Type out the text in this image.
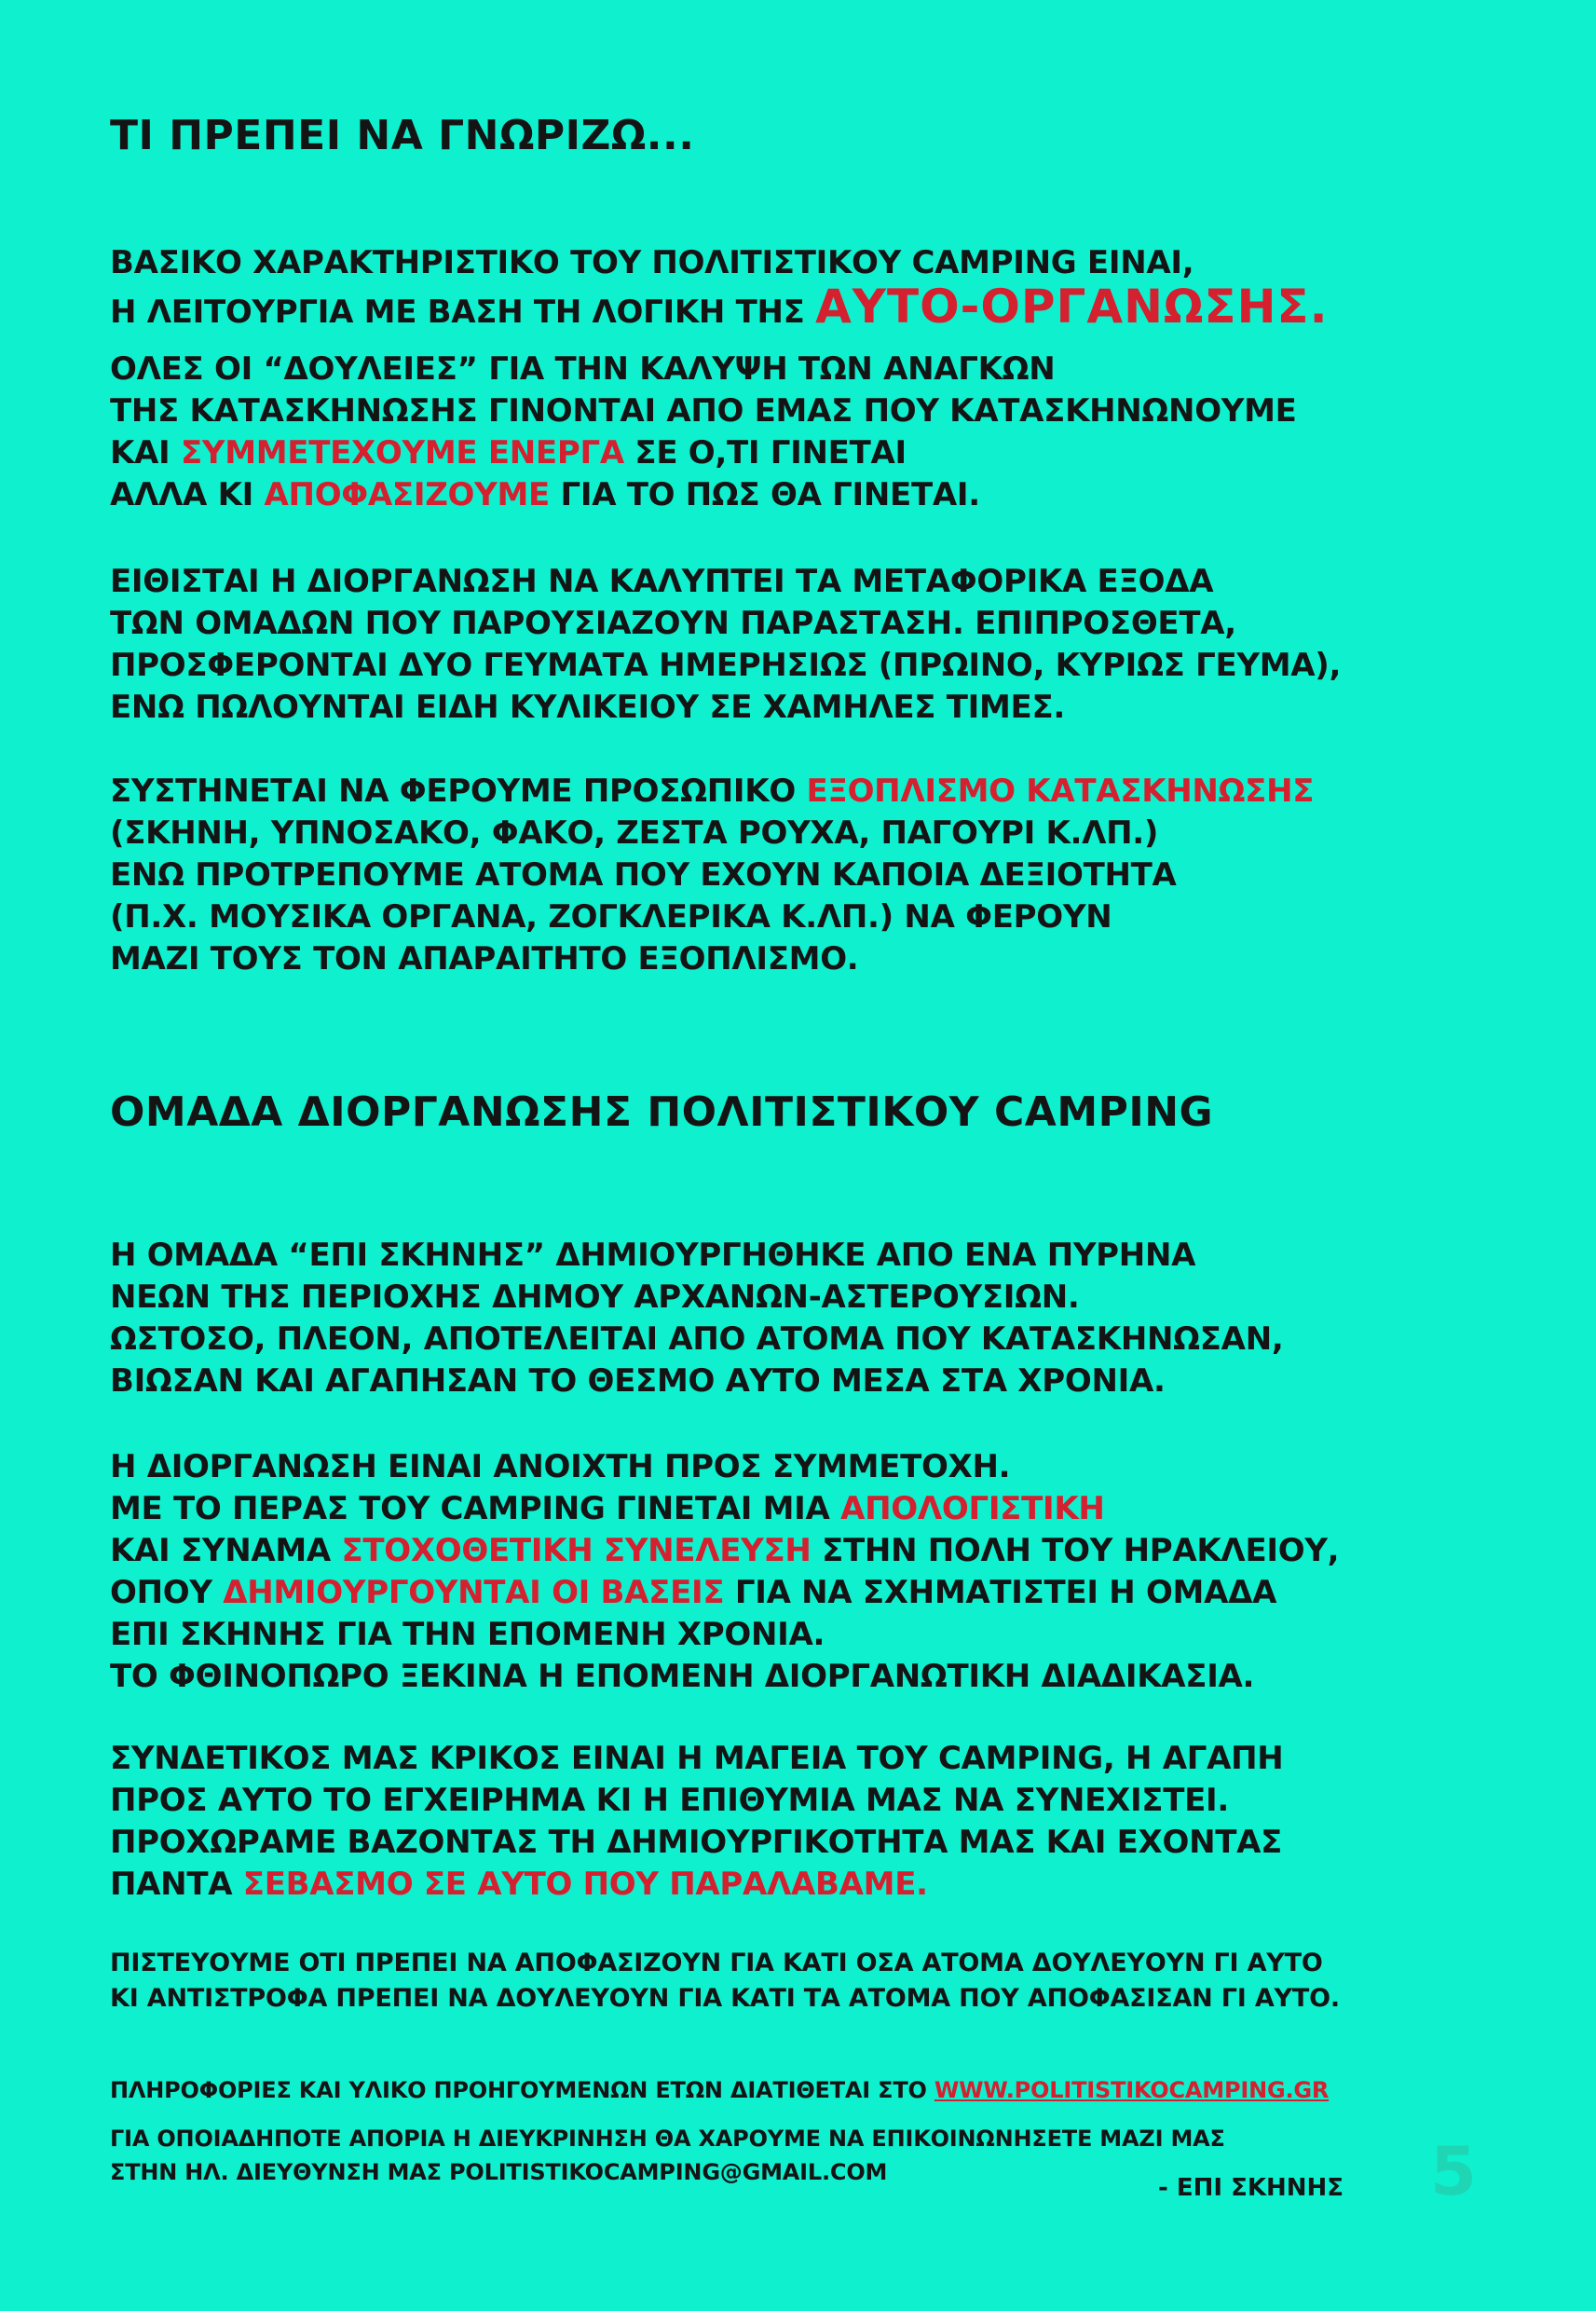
ΤΙ ΠΡΕΠΕΙ ΝΑ ΓΝΩΡΙΖΩ...
ΒΑΣΙΚΟ ΧΑΡΑΚΤΗΡΙΣΤΙΚΟ ΤΟΥ ΠΟΛΙΤΙΣΤΙΚΟΥ CAMPING ΕΙΝΑΙ,
Η ΛΕΙΤΟΥΡΓΙΑ ΜΕ ΒΑΣΗ ΤΗ ΛΟΓΙΚΗ ΤΗΣ ΑΥΤΟ-ΟΡΓΑΝΩΣΗΣ.
ΟΛΕΣ ΟΙ “ΔΟΥΛΕΙΕΣ” ΓΙΑ ΤΗΝ ΚΑΛΥΨΗ ΤΩΝ ΑΝΑΓΚΩΝ
ΤΗΣ ΚΑΤΑΣΚΗΝΩΣΗΣ ΓΙΝΟΝΤΑΙ ΑΠΟ ΕΜΑΣ ΠΟΥ ΚΑΤΑΣΚΗΝΩΝΟΥΜΕ
ΚΑΙ ΣΥΜΜΕΤΕΧΟΥΜΕ ΕΝΕΡΓΑ ΣΕ Ο,ΤΙ ΓΙΝΕΤΑΙ
ΑΛΛΑ ΚΙ ΑΠΟΦΑΣΙΖΟΥΜΕ ΓΙΑ ΤΟ ΠΩΣ ΘΑ ΓΙΝΕΤΑΙ.
ΕΙΘΙΣΤΑΙ Η ΔΙΟΡΓΑΝΩΣΗ ΝΑ ΚΑΛΥΠΤΕΙ ΤΑ ΜΕΤΑΦΟΡΙΚΑ ΕΞΟΔΑ
ΤΩΝ ΟΜΑΔΩΝ ΠΟΥ ΠΑΡΟΥΣΙΑΖΟΥΝ ΠΑΡΑΣΤΑΣΗ. ΕΠΙΠΡΟΣΘΕΤΑ,
ΠΡΟΣΦΕΡΟΝΤΑΙ ΔΥΟ ΓΕΥΜΑΤΑ ΗΜΕΡΗΣΙΩΣ (ΠΡΩΙΝΟ, ΚΥΡΙΩΣ ΓΕΥΜΑ),
ΕΝΩ ΠΩΛΟΥΝΤΑΙ ΕΙΔΗ ΚΥΛΙΚΕΙΟΥ ΣΕ ΧΑΜΗΛΕΣ ΤΙΜΕΣ.
ΣΥΣΤΗΝΕΤΑΙ ΝΑ ΦΕΡΟΥΜΕ ΠΡΟΣΩΠΙΚΟ ΕΞΟΠΛΙΣΜΟ ΚΑΤΑΣΚΗΝΩΣΗΣ
(ΣΚΗΝΗ, ΥΠΝΟΣΑΚΟ, ΦΑΚΟ, ΖΕΣΤΑ ΡΟΥΧΑ, ΠΑΓΟΥΡΙ Κ.ΛΠ.)
ΕΝΩ ΠΡΟΤΡΕΠΟΥΜΕ ΑΤΟΜΑ ΠΟΥ ΕΧΟΥΝ ΚΑΠΟΙΑ ΔΕΞΙΟΤΗΤΑ
(Π.Χ. ΜΟΥΣΙΚΑ ΟΡΓΑΝΑ, ΖΟΓΚΛΕΡΙΚΑ Κ.ΛΠ.) ΝΑ ΦΕΡΟΥΝ
ΜΑΖΙ ΤΟΥΣ ΤΟΝ ΑΠΑΡΑΙΤΗΤΟ ΕΞΟΠΛΙΣΜΟ.
ΟΜΑΔΑ ΔΙΟΡΓΑΝΩΣΗΣ ΠΟΛΙΤΙΣΤΙΚΟΥ CAMPING
Η ΟΜΑΔΑ “ΕΠΙ ΣΚΗΝΗΣ” ΔΗΜΙΟΥΡΓΗΘΗΚΕ ΑΠΟ ΕΝΑ ΠΥΡΗΝΑ
ΝΕΩΝ ΤΗΣ ΠΕΡΙΟΧΗΣ ΔΗΜΟΥ ΑΡΧΑΝΩΝ-ΑΣΤΕΡΟΥΣΙΩΝ.
ΩΣΤΟΣΟ, ΠΛΕΟΝ, ΑΠΟΤΕΛΕΙΤΑΙ ΑΠΟ ΑΤΟΜΑ ΠΟΥ ΚΑΤΑΣΚΗΝΩΣΑΝ,
ΒΙΩΣΑΝ ΚΑΙ ΑΓΑΠΗΣΑΝ ΤΟ ΘΕΣΜΟ ΑΥΤΟ ΜΕΣΑ ΣΤΑ ΧΡΟΝΙΑ.
Η ΔΙΟΡΓΑΝΩΣΗ ΕΙΝΑΙ ΑΝΟΙΧΤΗ ΠΡΟΣ ΣΥΜΜΕΤΟΧΗ.
ΜΕ ΤΟ ΠΕΡΑΣ ΤΟΥ CAMPING ΓΙΝΕΤΑΙ ΜΙΑ ΑΠΟΛΟΓΙΣΤΙΚΗ
ΚΑΙ ΣΥΝΑΜΑ ΣΤΟΧΟΘΕΤΙΚΗ ΣΥΝΕΛΕΥΣΗ ΣΤΗΝ ΠΟΛΗ ΤΟΥ ΗΡΑΚΛΕΙΟΥ,
ΟΠΟΥ ΔΗΜΙΟΥΡΓΟΥΝΤΑΙ ΟΙ ΒΑΣΕΙΣ ΓΙΑ ΝΑ ΣΧΗΜΑΤΙΣΤΕΙ Η ΟΜΑΔΑ
ΕΠΙ ΣΚΗΝΗΣ ΓΙΑ ΤΗΝ ΕΠΟΜΕΝΗ ΧΡΟΝΙΑ.
ΤΟ ΦΘΙΝΟΠΩΡΟ ΞΕΚΙΝΑ Η ΕΠΟΜΕΝΗ ΔΙΟΡΓΑΝΩΤΙΚΗ ΔΙΑΔΙΚΑΣΙΑ.
ΣΥΝΔΕΤΙΚΟΣ ΜΑΣ ΚΡΙΚΟΣ ΕΙΝΑΙ Η ΜΑΓΕΙΑ ΤΟΥ CAMPING, Η ΑΓΑΠΗ
ΠΡΟΣ ΑΥΤΟ ΤΟ ΕΓΧΕΙΡΗΜΑ ΚΙ Η ΕΠΙΘΥΜΙΑ ΜΑΣ ΝΑ ΣΥΝΕΧΙΣΤΕΙ.
ΠΡΟΧΩΡΑΜΕ ΒΑΖΟΝΤΑΣ ΤΗ ΔΗΜΙΟΥΡΓΙΚΟΤΗΤΑ ΜΑΣ ΚΑΙ ΕΧΟΝΤΑΣ
ΠΑΝΤΑ ΣΕΒΑΣΜΟ ΣΕ ΑΥΤΟ ΠΟΥ ΠΑΡΑΛΑΒΑΜΕ.
ΠΙΣΤΕΥΟΥΜΕ ΟΤΙ ΠΡΕΠΕΙ ΝΑ ΑΠΟΦΑΣΙΖΟΥΝ ΓΙΑ ΚΑΤΙ ΟΣΑ ΑΤΟΜΑ ΔΟΥΛΕΥΟΥΝ ΓΙ ΑΥΤΟ
ΚΙ ΑΝΤΙΣΤΡΟΦΑ ΠΡΕΠΕΙ ΝΑ ΔΟΥΛΕΥΟΥΝ ΓΙΑ ΚΑΤΙ ΤΑ ΑΤΟΜΑ ΠΟΥ ΑΠΟΦΑΣΙΣΑΝ ΓΙ ΑΥΤΟ.
ΠΛΗΡΟΦΟΡΙΕΣ ΚΑΙ ΥΛΙΚΟ ΠΡΟΗΓΟΥΜΕΝΩΝ ΕΤΩΝ ΔΙΑΤΙΘΕΤΑΙ ΣΤΟ WWW.POLITISTIKOCAMPING.GR
ΓΙΑ ΟΠΟΙΑΔΗΠΟΤΕ ΑΠΟΡΙΑ Η ΔΙΕΥΚΡΙΝΗΣΗ ΘΑ ΧΑΡΟΥΜΕ ΝΑ ΕΠΙΚΟΙΝΩΝΗΣΕΤΕ ΜΑΖΙ ΜΑΣ
ΣΤΗΝ ΗΛ. ΔΙΕΥΘΥΝΣΗ ΜΑΣ POLITISTIKOCAMPING@GMAIL.COM
- ΕΠΙ ΣΚΗΝΗΣ 5
